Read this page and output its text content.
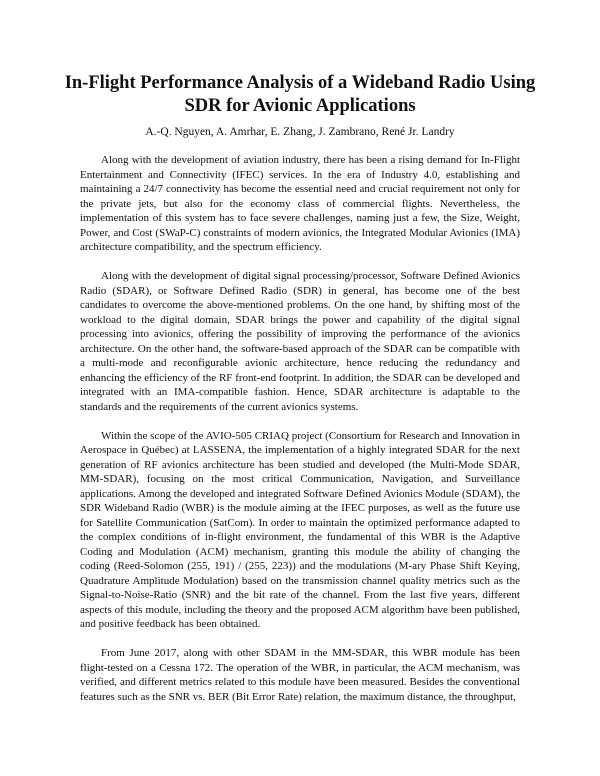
In-Flight Performance Analysis of a Wideband Radio Using SDR for Avionic Applications

A.-Q. Nguyen, A. Amrhar, E. Zhang, J. Zambrano, René Jr. Landry

Along with the development of aviation industry, there has been a rising demand for In-Flight Entertainment and Connectivity (IFEC) services. In the era of Industry 4.0, establishing and maintaining a 24/7 connectivity has become the essential need and crucial requirement not only for the private jets, but also for the economy class of commercial flights. Nevertheless, the implementation of this system has to face severe challenges, naming just a few, the Size, Weight, Power, and Cost (SWaP-C) constraints of modern avionics, the Integrated Modular Avionics (IMA) architecture compatibility, and the spectrum efficiency.

Along with the development of digital signal processing/processor, Software Defined Avionics Radio (SDAR), or Software Defined Radio (SDR) in general, has become one of the best candidates to overcome the above-mentioned problems. On the one hand, by shifting most of the workload to the digital domain, SDAR brings the power and capability of the digital signal processing into avionics, offering the possibility of improving the performance of the avionics architecture. On the other hand, the software-based approach of the SDAR can be compatible with a multi-mode and reconfigurable avionic architecture, hence reducing the redundancy and enhancing the efficiency of the RF front-end footprint. In addition, the SDAR can be developed and integrated with an IMA-compatible fashion. Hence, SDAR architecture is adaptable to the standards and the requirements of the current avionics systems.

Within the scope of the AVIO-505 CRIAQ project (Consortium for Research and Innovation in Aerospace in Québec) at LASSENA, the implementation of a highly integrated SDAR for the next generation of RF avionics architecture has been studied and developed (the Multi-Mode SDAR, MM-SDAR), focusing on the most critical Communication, Navigation, and Surveillance applications. Among the developed and integrated Software Defined Avionics Module (SDAM), the SDR Wideband Radio (WBR) is the module aiming at the IFEC purposes, as well as the future use for Satellite Communication (SatCom). In order to maintain the optimized performance adapted to the complex conditions of in-flight environment, the fundamental of this WBR is the Adaptive Coding and Modulation (ACM) mechanism, granting this module the ability of changing the coding (Reed-Solomon (255, 191) / (255, 223)) and the modulations (M-ary Phase Shift Keying, Quadrature Amplitude Modulation) based on the transmission channel quality metrics such as the Signal-to-Noise-Ratio (SNR) and the bit rate of the channel. From the last five years, different aspects of this module, including the theory and the proposed ACM algorithm have been published, and positive feedback has been obtained.

From June 2017, along with other SDAM in the MM-SDAR, this WBR module has been flight-tested on a Cessna 172. The operation of the WBR, in particular, the ACM mechanism, was verified, and different metrics related to this module have been measured. Besides the conventional features such as the SNR vs. BER (Bit Error Rate) relation, the maximum distance, the throughput,
